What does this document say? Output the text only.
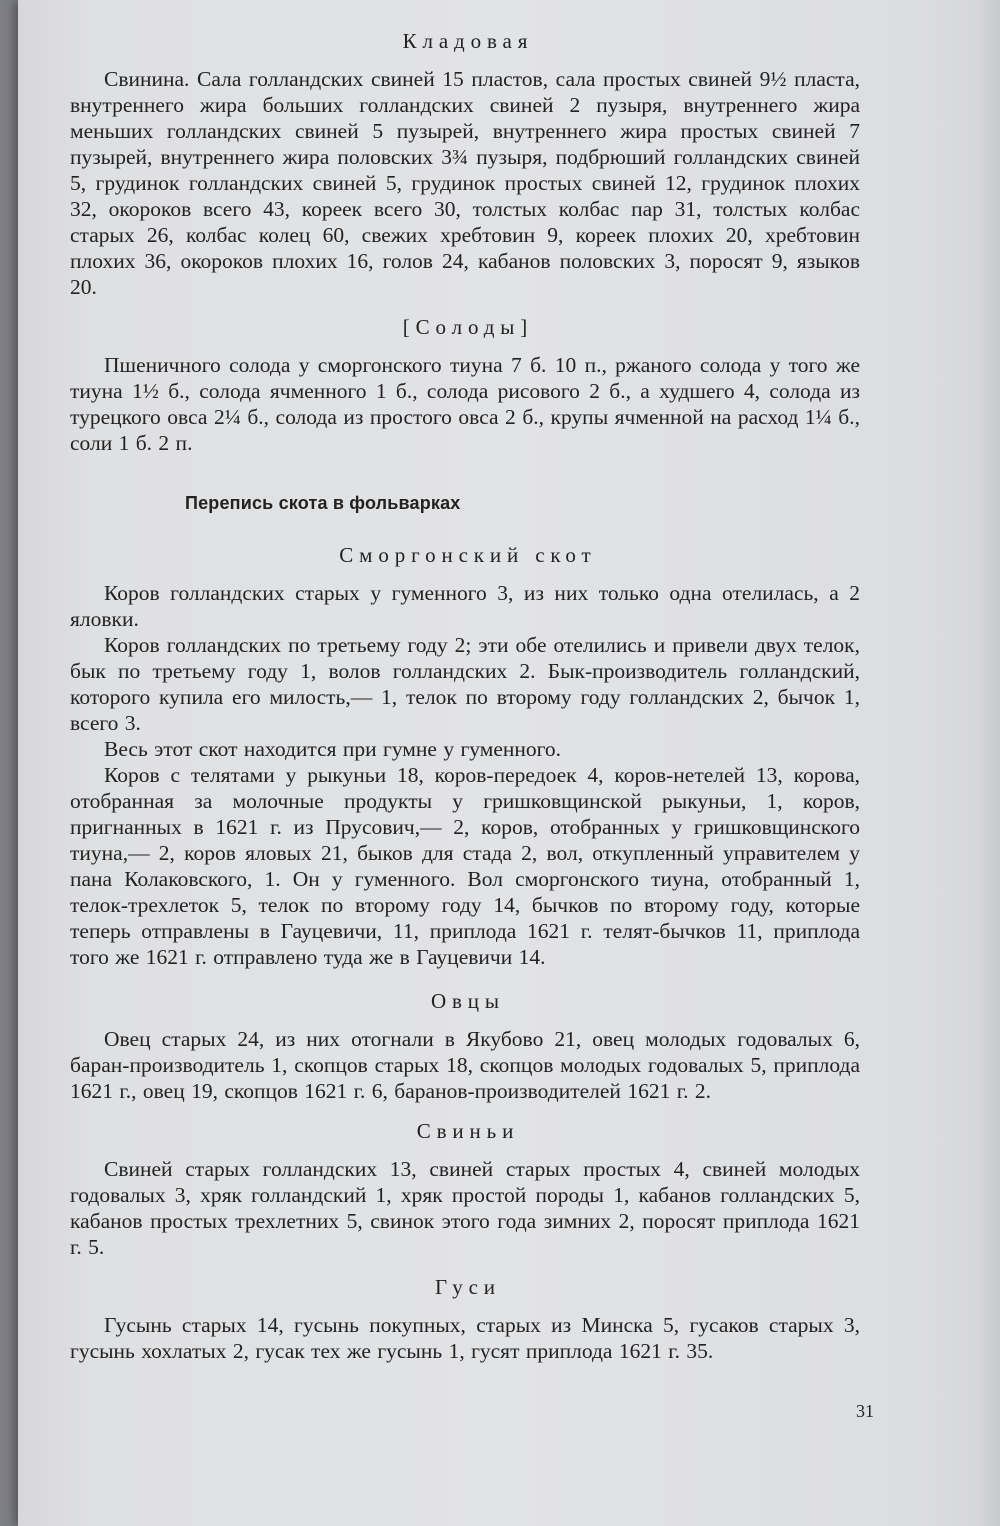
Кладовая

Свинина. Сала голландских свиней 15 пластов, сала простых свиней 9½ пласта, внутреннего жира больших голландских свиней 2 пузыря, внутреннего жира меньших голландских свиней 5 пузырей, внутреннего жира простых свиней 7 пузырей, внутреннего жира половских 3¾ пузыря, подбрюший голландских свиней 5, грудинок голландских свиней 5, грудинок простых свиней 12, грудинок плохих 32, окороков всего 43, кореек всего 30, толстых колбас пар 31, толстых колбас старых 26, колбас колец 60, свежих хребтовин 9, кореек плохих 20, хребтовин плохих 36, окороков плохих 16, голов 24, кабанов половских 3, поросят 9, языков 20.

[Солоды]

Пшеничного солода у сморгонского тиуна 7 б. 10 п., ржаного солода у того же тиуна 1½ б., солода ячменного 1 б., солода рисового 2 б., а худшего 4, солода из турецкого овса 2¼ б., солода из простого овса 2 б., крупы ячменной на расход 1¼ б., соли 1 б. 2 п.

Перепись скота в фольварках
Сморгонский скот

Коров голландских старых у гуменного 3, из них только одна отелилась, а 2 яловки.

Коров голландских по третьему году 2; эти обе отелились и привели двух телок, бык по третьему году 1, волов голландских 2. Бык-производитель голландский, которого купила его милость,— 1, телок по второму году голландских 2, бычок 1, всего 3.

Весь этот скот находится при гумне у гуменного.

Коров с телятами у рыкуньи 18, коров-передоек 4, коров-нетелей 13, корова, отобранная за молочные продукты у гришковщинской рыкуньи, 1, коров, пригнанных в 1621 г. из Прусович,— 2, коров, отобранных у гришковщинского тиуна,— 2, коров яловых 21, быков для стада 2, вол, откупленный управителем у пана Колаковского, 1. Он у гуменного. Вол сморгонского тиуна, отобранный 1, телок-трехлеток 5, телок по второму году 14, бычков по второму году, которые теперь отправлены в Гауцевичи, 11, приплода 1621 г. телят-бычков 11, приплода того же 1621 г. отправлено туда же в Гауцевичи 14.

Овцы

Овец старых 24, из них отогнали в Якубово 21, овец молодых годовалых 6, баран-производитель 1, скопцов старых 18, скопцов молодых годовалых 5, приплода 1621 г., овец 19, скопцов 1621 г. 6, баранов-производителей 1621 г. 2.

Свиньи

Свиней старых голландских 13, свиней старых простых 4, свиней молодых годовалых 3, хряк голландский 1, хряк простой породы 1, кабанов голландских 5, кабанов простых трехлетних 5, свинок этого года зимних 2, поросят приплода 1621 г. 5.

Гуси

Гусынь старых 14, гусынь покупных, старых из Минска 5, гусаков старых 3, гусынь хохлатых 2, гусак тех же гусынь 1, гусят приплода 1621 г. 35.

31
